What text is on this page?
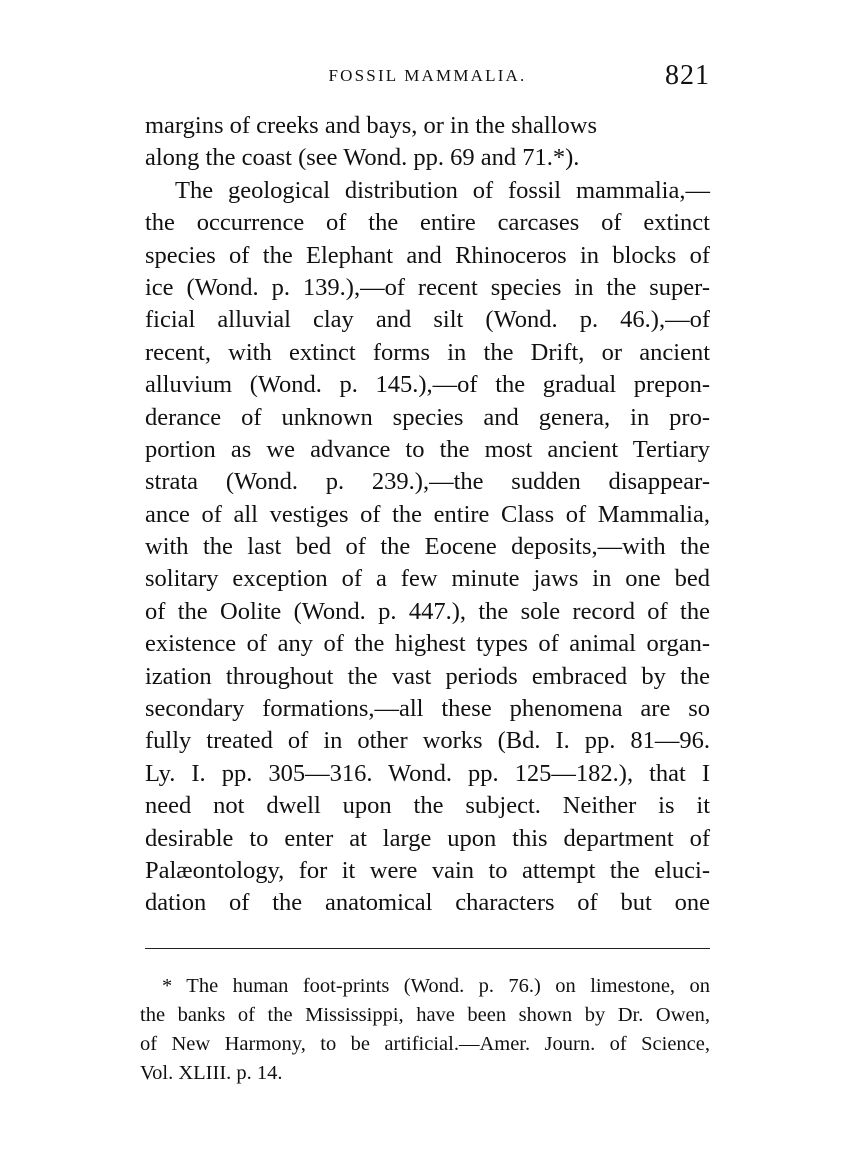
FOSSIL MAMMALIA.	821
margins of creeks and bays, or in the shallows
along the coast (see Wond. pp. 69 and 71.*).
The geological distribution of fossil mammalia,—
the occurrence of the entire carcases of extinct
species of the Elephant and Rhinoceros in blocks of
ice (Wond. p. 139.),—of recent species in the super-
ficial alluvial clay and silt (Wond. p. 46.),—of
recent, with extinct forms in the Drift, or ancient
alluvium (Wond. p. 145.),—of the gradual prepon-
derance of unknown species and genera, in pro-
portion as we advance to the most ancient Tertiary
strata (Wond. p. 239.),—the sudden disappear-
ance of all vestiges of the entire Class of Mammalia,
with the last bed of the Eocene deposits,—with the
solitary exception of a few minute jaws in one bed
of the Oolite (Wond. p. 447.), the sole record of the
existence of any of the highest types of animal organ-
ization throughout the vast periods embraced by the
secondary formations,—all these phenomena are so
fully treated of in other works (Bd. I. pp. 81—96.
Ly. I. pp. 305—316. Wond. pp. 125—182.), that I
need not dwell upon the subject. Neither is it
desirable to enter at large upon this department of
Palæontology, for it were vain to attempt the eluci-
dation of the anatomical characters of but one
* The human foot-prints (Wond. p. 76.) on limestone, on
the banks of the Mississippi, have been shown by Dr. Owen,
of New Harmony, to be artificial.—Amer. Journ. of Science,
Vol. XLIII. p. 14.
